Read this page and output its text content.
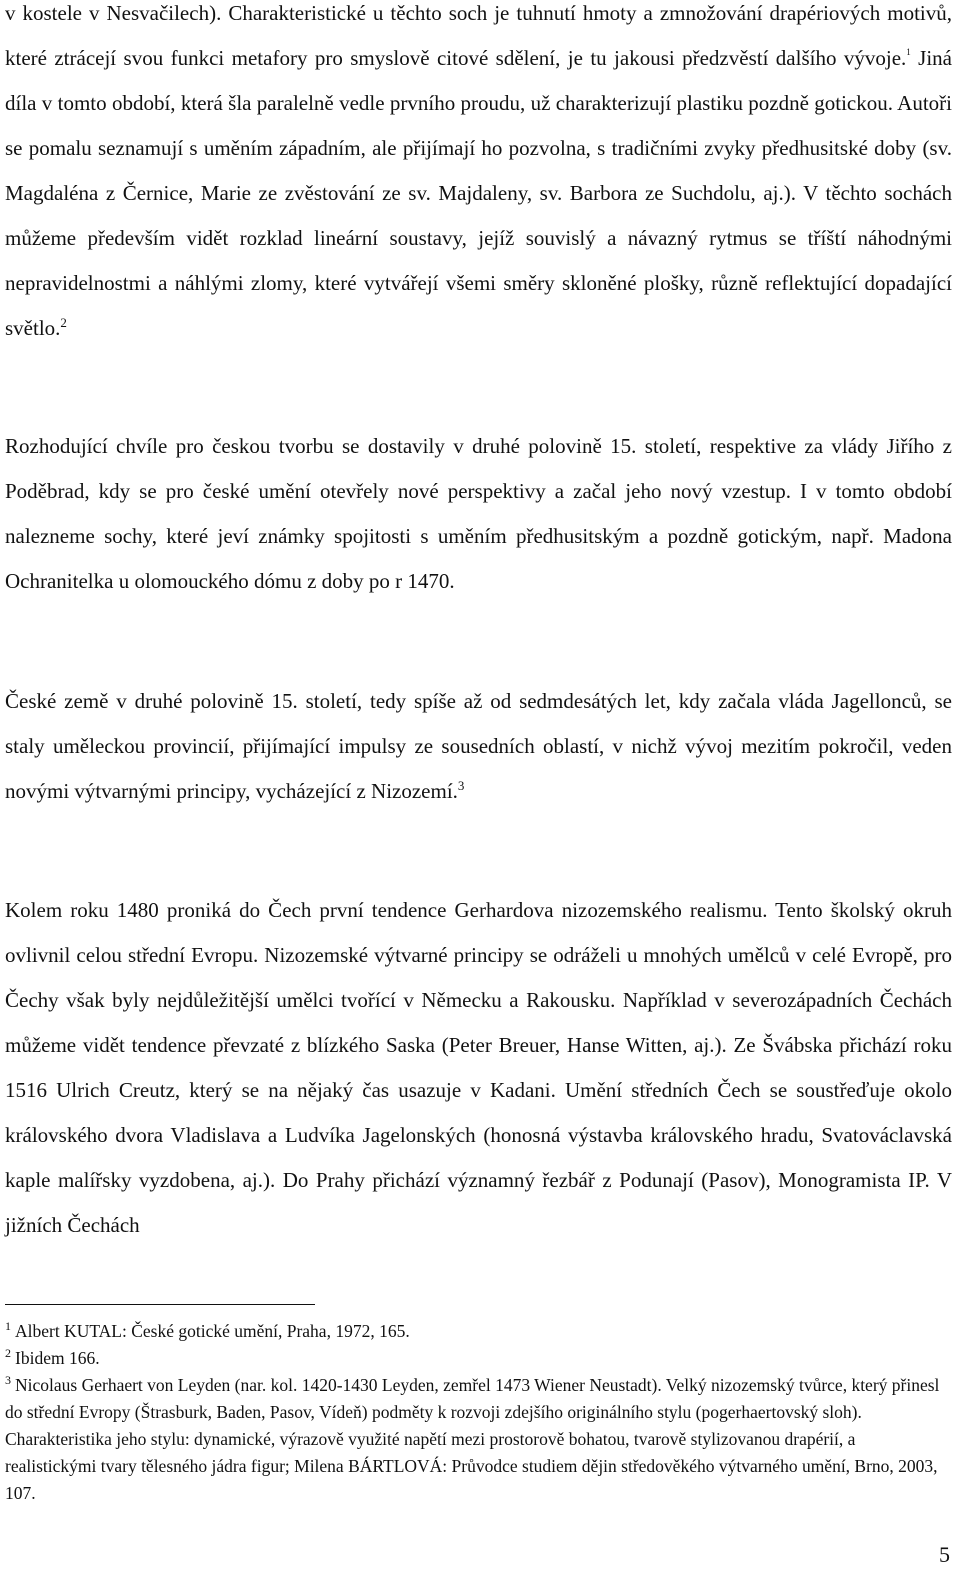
v kostele v Nesvačilech). Charakteristické u těchto soch je tuhnutí hmoty a zmnožování drapériových motivů, které ztrácejí svou funkci metafory pro smyslově citové sdělení, je tu jakousi předzvěstí dalšího vývoje.$^1$ Jiná díla v tomto období, která šla paralelně vedle prvního proudu, už charakterizují plastiku pozdně gotickou. Autoři se pomalu seznamují s uměním západním, ale přijímají ho pozvolna, s tradičními zvyky předhusitské doby (sv. Magdaléna z Černice, Marie ze zvěstování ze sv. Majdaleny, sv. Barbora ze Suchdolu, aj.). V těchto sochách můžeme především vidět rozklad lineární soustavy, jejíž souvislý a návazný rytmus se tříští náhodnými nepravidelnostmi a náhlými zlomy, které vytvářejí všemi směry skloněné plošky, různě reflektující dopadající světlo.$^2$

Rozhodující chvíle pro českou tvorbu se dostavily v druhé polovině 15. století, respektive za vlády Jiřího z Poděbrad, kdy se pro české umění otevřely nové perspektivy a začal jeho nový vzestup. I v tomto období nalezneme sochy, které jeví známky spojitosti s uměním předhusitským a pozdně gotickým, např. Madona Ochranitelka u olomouckého dómu z doby po r 1470.

České země v druhé polovině 15. století, tedy spíše až od sedmdesátých let, kdy začala vláda Jagellonců, se staly uměleckou provincií, přijímající impulsy ze sousedních oblastí, v nichž vývoj mezitím pokročil, veden novými výtvarnými principy, vycházející z Nizozemí.$^3$

Kolem roku 1480 proniká do Čech první tendence Gerhardova nizozemského realismu. Tento školský okruh ovlivnil celou střední Evropu. Nizozemské výtvarné principy se odráželi u mnohých umělců v celé Evropě, pro Čechy však byly nejdůležitější umělci tvořící v Německu a Rakousku. Například v severozápadních Čechách můžeme vidět tendence převzaté z blízkého Saska (Peter Breuer, Hanse Witten, aj.). Ze Švábska přichází roku 1516 Ulrich Creutz, který se na nějaký čas usazuje v Kadani. Umění středních Čech se soustřeďuje okolo královského dvora Vladislava a Ludvíka Jagelonských (honosná výstavba královského hradu, Svatováclavská kaple malířsky vyzdobena, aj.). Do Prahy přichází významný řezbář z Podunají (Pasov), Monogramista IP. V jižních Čechách

$^1$ Albert KUTAL: České gotické umění, Praha, 1972, 165.

$^2$ Ibidem 166.

$^3$ Nicolaus Gerhaert von Leyden (nar. kol. 1420-1430 Leyden, zemřel 1473 Wiener Neustadt). Velký nizozemský tvůrce, který přinesl do střední Evropy (Štrasburk, Baden, Pasov, Vídeň) podměty k rozvoji zdejšího originálního stylu (pogerhaertovský sloh). Charakteristika jeho stylu: dynamické, výrazově využité napětí mezi prostorově bohatou, tvarově stylizovanou drapérií, a realistickými tvary tělesného jádra figur; Milena BÁRTLOVÁ: Průvodce studiem dějin středověkého výtvarného umění, Brno, 2003, 107.

5
